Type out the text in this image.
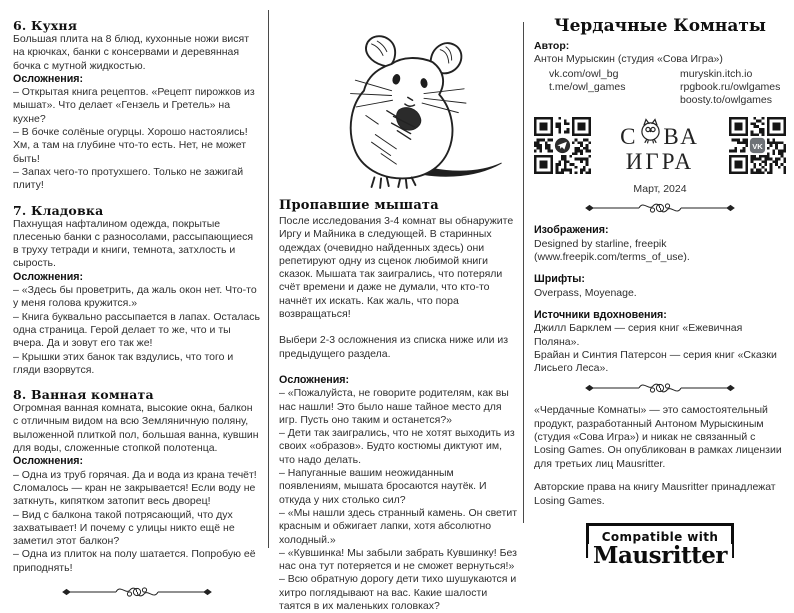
6. Кухня

Большая плита на 8 блюд, кухонные ножи висят на крючках, банки с консервами и деревянная бочка с мутной жидкостью.

Осложнения:
– Открытая книга рецептов. «Рецепт пирожков из мышат». Что делает «Гензель и Гретель» на кухне?
– В бочке солёные огурцы. Хорошо настоялись! Хм, а там на глубине что-то есть. Нет, не может быть!
– Запах чего-то протухшего. Только не зажигай плиту!
7. Кладовка

Пахнущая нафталином одежда, покрытые плесенью банки с разносолами, рассыпающиеся в труху тетради и книги, темнота, затхлость и сырость.

Осложнения:
– «Здесь бы проветрить, да жаль окон нет. Что-то у меня голова кружится.»
– Книга буквально рассыпается в лапах. Осталась одна страница. Герой делает то же, что и ты вчера. Да и зовут его так же!
– Крышки этих банок так вздулись, что того и гляди взорвутся.
8. Ванная комната

Огромная ванная комната, высокие окна, балкон с отличным видом на всю Земляничную поляну, выложенной плиткой пол, большая ванна, кувшин для воды, сложенные стопкой полотенца.

Осложнения:
– Одна из труб горячая. Да и вода из крана течёт! Сломалось — кран не закрывается! Если воду не заткнуть, кипятком затопит весь дворец!
– Вид с балкона такой потрясающий, что дух захватывает! И почему с улицы никто ещё не заметил этот балкон?
– Одна из плиток на полу шатается. Попробую её приподнять!
Пропавшие мышата

После исследования 3-4 комнат вы обнаружите Иргу и Майника в следующей. В старинных одеждах (очевидно найденных здесь) они репетируют одну из сценок любимой книги сказок. Мышата так заигрались, что потеряли счёт времени и даже не думали, что кто-то начнёт их искать. Как жаль, что пора возвращаться!

Выбери 2-3 осложнения из списка ниже или из предыдущего раздела.

Осложнения:
– «Пожалуйста, не говорите родителям, как вы нас нашли! Это было наше тайное место для игр. Пусть оно таким и останется?»
– Дети так заигрались, что не хотят выходить из своих «образов». Будто костюмы диктуют им, что надо делать.
– Напуганные вашим неожиданным появлениям, мышата бросаются наутёк. И откуда у них столько сил?
– «Мы нашли здесь странный камень. Он светит красным и обжигает лапки, хотя абсолютно холодный.»
– «Кувшинка! Мы забыли забрать Кувшинку! Без нас она тут потеряется и не сможет вернуться!»
– Всю обратную дорогу дети тихо шушукаются и хитро поглядывают на вас. Какие шалости таятся в их маленьких головках?
Чердачные Комнаты
Автор:
Антон Мурыскин (студия «Сова Игра»)
vk.com/owl_bg
t.me/owl_games
muryskin.itch.io
rpgbook.ru/owlgames
boosty.to/owlgames
С ВА
ИГРА
VK
Март, 2024
Изображения:
Designed by starline, freepik (www.freepik.com/terms_of_use).
Шрифты:
Overpass, Moyenage.
Источники вдохновения:
Джилл Барклем — серия книг «Ежевичная Поляна».
Брайан и Синтия Патерсон — серия книг «Сказки Лисьего Леса».

«Чердачные Комнаты» — это самостоятельный продукт, разработанный Антоном Мурыскиным (студия «Сова Игра») и никак не связанный с Losing Games. Он опубликован в рамках лицензии для третьих лиц Mausritter.

Авторские права на книгу Mausritter принадлежат Losing Games.

Compatible with
Mausritter
